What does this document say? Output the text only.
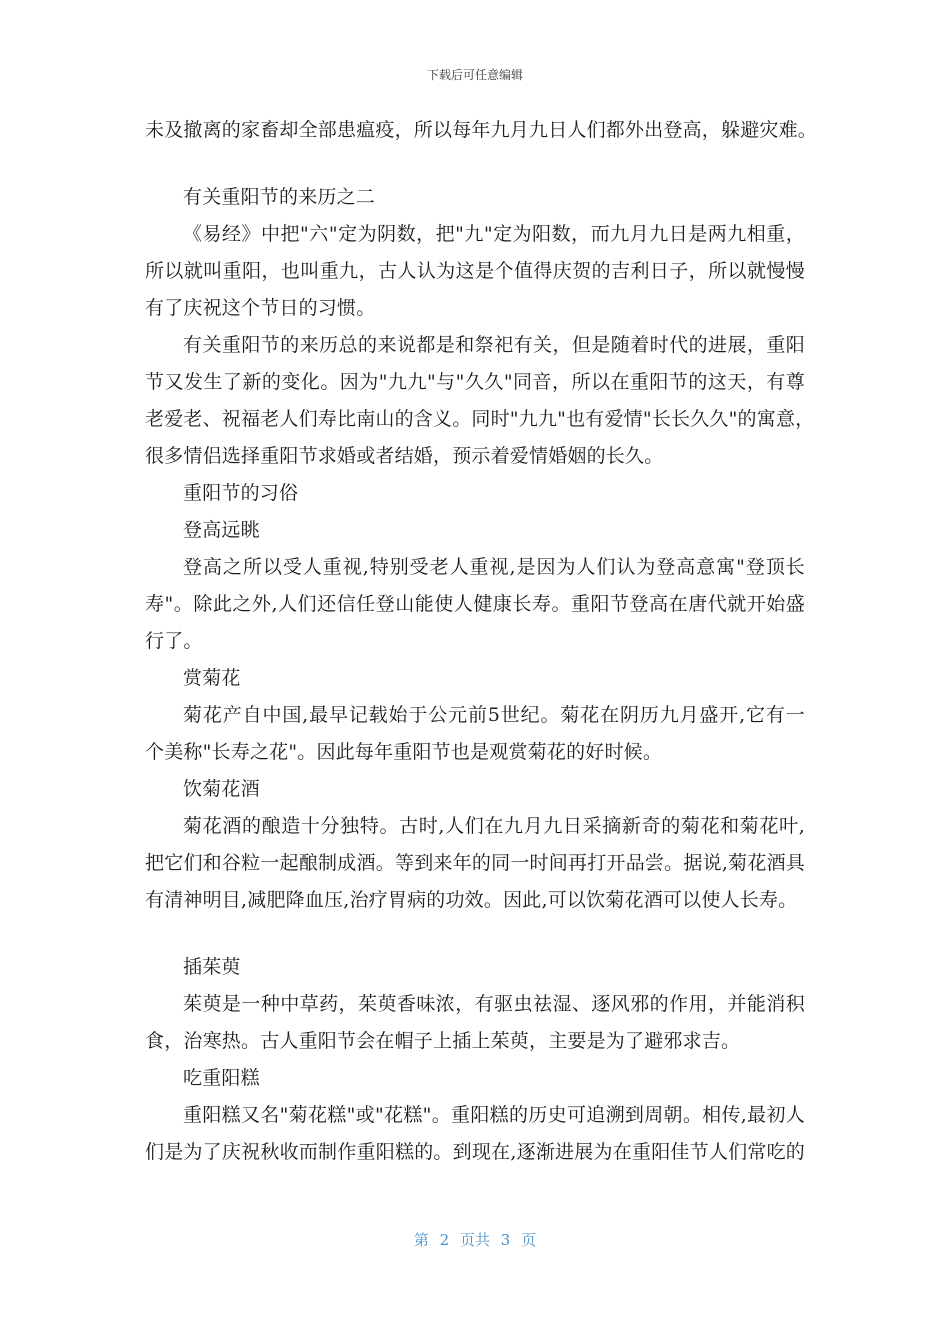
下载后可任意编辑
未及撤离的家畜却全部患瘟疫，所以每年九月九日人们都外出登高，躲避灾难。
有关重阳节的来历之二
《易经》中把"六"定为阴数，把"九"定为阳数，而九月九日是两九相重，
所以就叫重阳，也叫重九，古人认为这是个值得庆贺的吉利日子，所以就慢慢
有了庆祝这个节日的习惯。
有关重阳节的来历总的来说都是和祭祀有关，但是随着时代的进展，重阳
节又发生了新的变化。因为"九九"与"久久"同音，所以在重阳节的这天，有尊
老爱老、祝福老人们寿比南山的含义。同时"九九"也有爱情"长长久久"的寓意，
很多情侣选择重阳节求婚或者结婚，预示着爱情婚姻的长久。
重阳节的习俗
登高远眺
登高之所以受人重视,特别受老人重视,是因为人们认为登高意寓"登顶长
寿"。除此之外,人们还信任登山能使人健康长寿。重阳节登高在唐代就开始盛
行了。
赏菊花
菊花产自中国,最早记载始于公元前5世纪。菊花在阴历九月盛开,它有一
个美称"长寿之花"。因此每年重阳节也是观赏菊花的好时候。
饮菊花酒
菊花酒的酿造十分独特。古时,人们在九月九日采摘新奇的菊花和菊花叶,
把它们和谷粒一起酿制成酒。等到来年的同一时间再打开品尝。据说,菊花酒具
有清神明目,减肥降血压,治疗胃病的功效。因此,可以饮菊花酒可以使人长寿。
插茱萸
茱萸是一种中草药，茱萸香味浓，有驱虫祛湿、逐风邪的作用，并能消积
食，治寒热。古人重阳节会在帽子上插上茱萸，主要是为了避邪求吉。
吃重阳糕
重阳糕又名"菊花糕"或"花糕"。重阳糕的历史可追溯到周朝。相传,最初人
们是为了庆祝秋收而制作重阳糕的。到现在,逐渐进展为在重阳佳节人们常吃的
第 2 页共 3 页
